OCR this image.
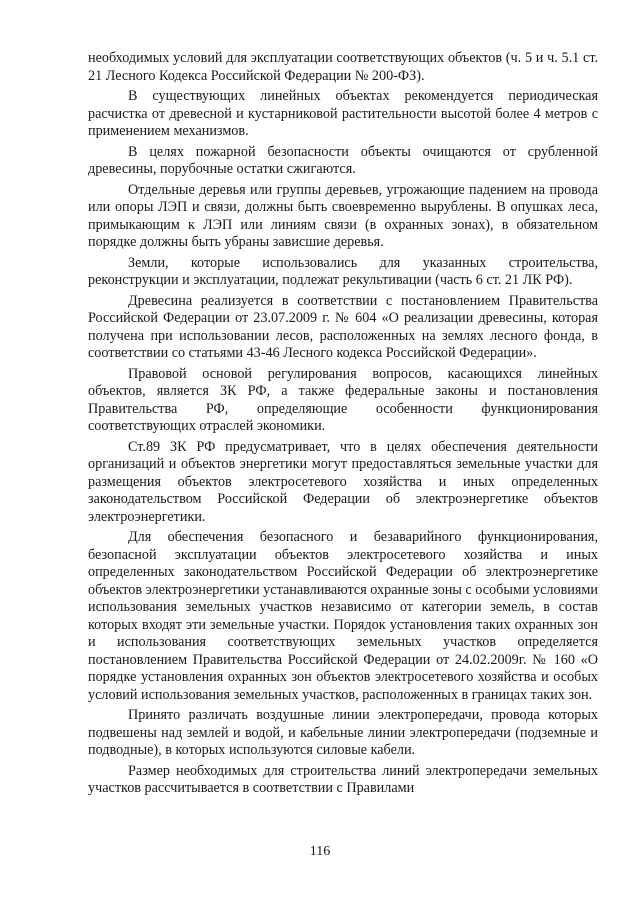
необходимых условий для эксплуатации соответствующих объектов (ч. 5 и ч. 5.1 ст. 21 Лесного Кодекса Российской Федерации № 200-ФЗ).

В существующих линейных объектах рекомендуется периодическая расчистка от древесной и кустарниковой растительности высотой более 4 метров с применением механизмов.

В целях пожарной безопасности объекты очищаются от срубленной древесины, порубочные остатки сжигаются.

Отдельные деревья или группы деревьев, угрожающие падением на провода или опоры ЛЭП и связи, должны быть своевременно вырублены. В опушках леса, примыкающим к ЛЭП или линиям связи (в охранных зонах), в обязательном порядке должны быть убраны зависшие деревья.

Земли, которые использовались для указанных строительства, реконструкции и эксплуатации, подлежат рекультивации (часть 6 ст. 21 ЛК РФ).

Древесина реализуется в соответствии с постановлением Правительства Российской Федерации от 23.07.2009 г. № 604 «О реализации древесины, которая получена при использовании лесов, расположенных на землях лесного фонда, в соответствии со статьями 43-46 Лесного кодекса Российской Федерации».

Правовой основой регулирования вопросов, касающихся линейных объектов, является ЗК РФ, а также федеральные законы и постановления Правительства РФ, определяющие особенности функционирования соответствующих отраслей экономики.

Ст.89 ЗК РФ предусматривает, что в целях обеспечения деятельности организаций и объектов энергетики могут предоставляться земельные участки для размещения объектов электросетевого хозяйства и иных определенных законодательством Российской Федерации об электроэнергетике объектов электроэнергетики.

Для обеспечения безопасного и безаварийного функционирования, безопасной эксплуатации объектов электросетевого хозяйства и иных определенных законодательством Российской Федерации об электроэнергетике объектов электроэнергетики устанавливаются охранные зоны с особыми условиями использования земельных участков независимо от категории земель, в состав которых входят эти земельные участки. Порядок установления таких охранных зон и использования соответствующих земельных участков определяется постановлением Правительства Российской Федерации от 24.02.2009г. № 160 «О порядке установления охранных зон объектов электросетевого хозяйства и особых условий использования земельных участков, расположенных в границах таких зон.

Принято различать воздушные линии электропередачи, провода которых подвешены над землей и водой, и кабельные линии электропередачи (подземные и подводные), в которых используются силовые кабели.

Размер необходимых для строительства линий электропередачи земельных участков рассчитывается в соответствии с Правилами

116
